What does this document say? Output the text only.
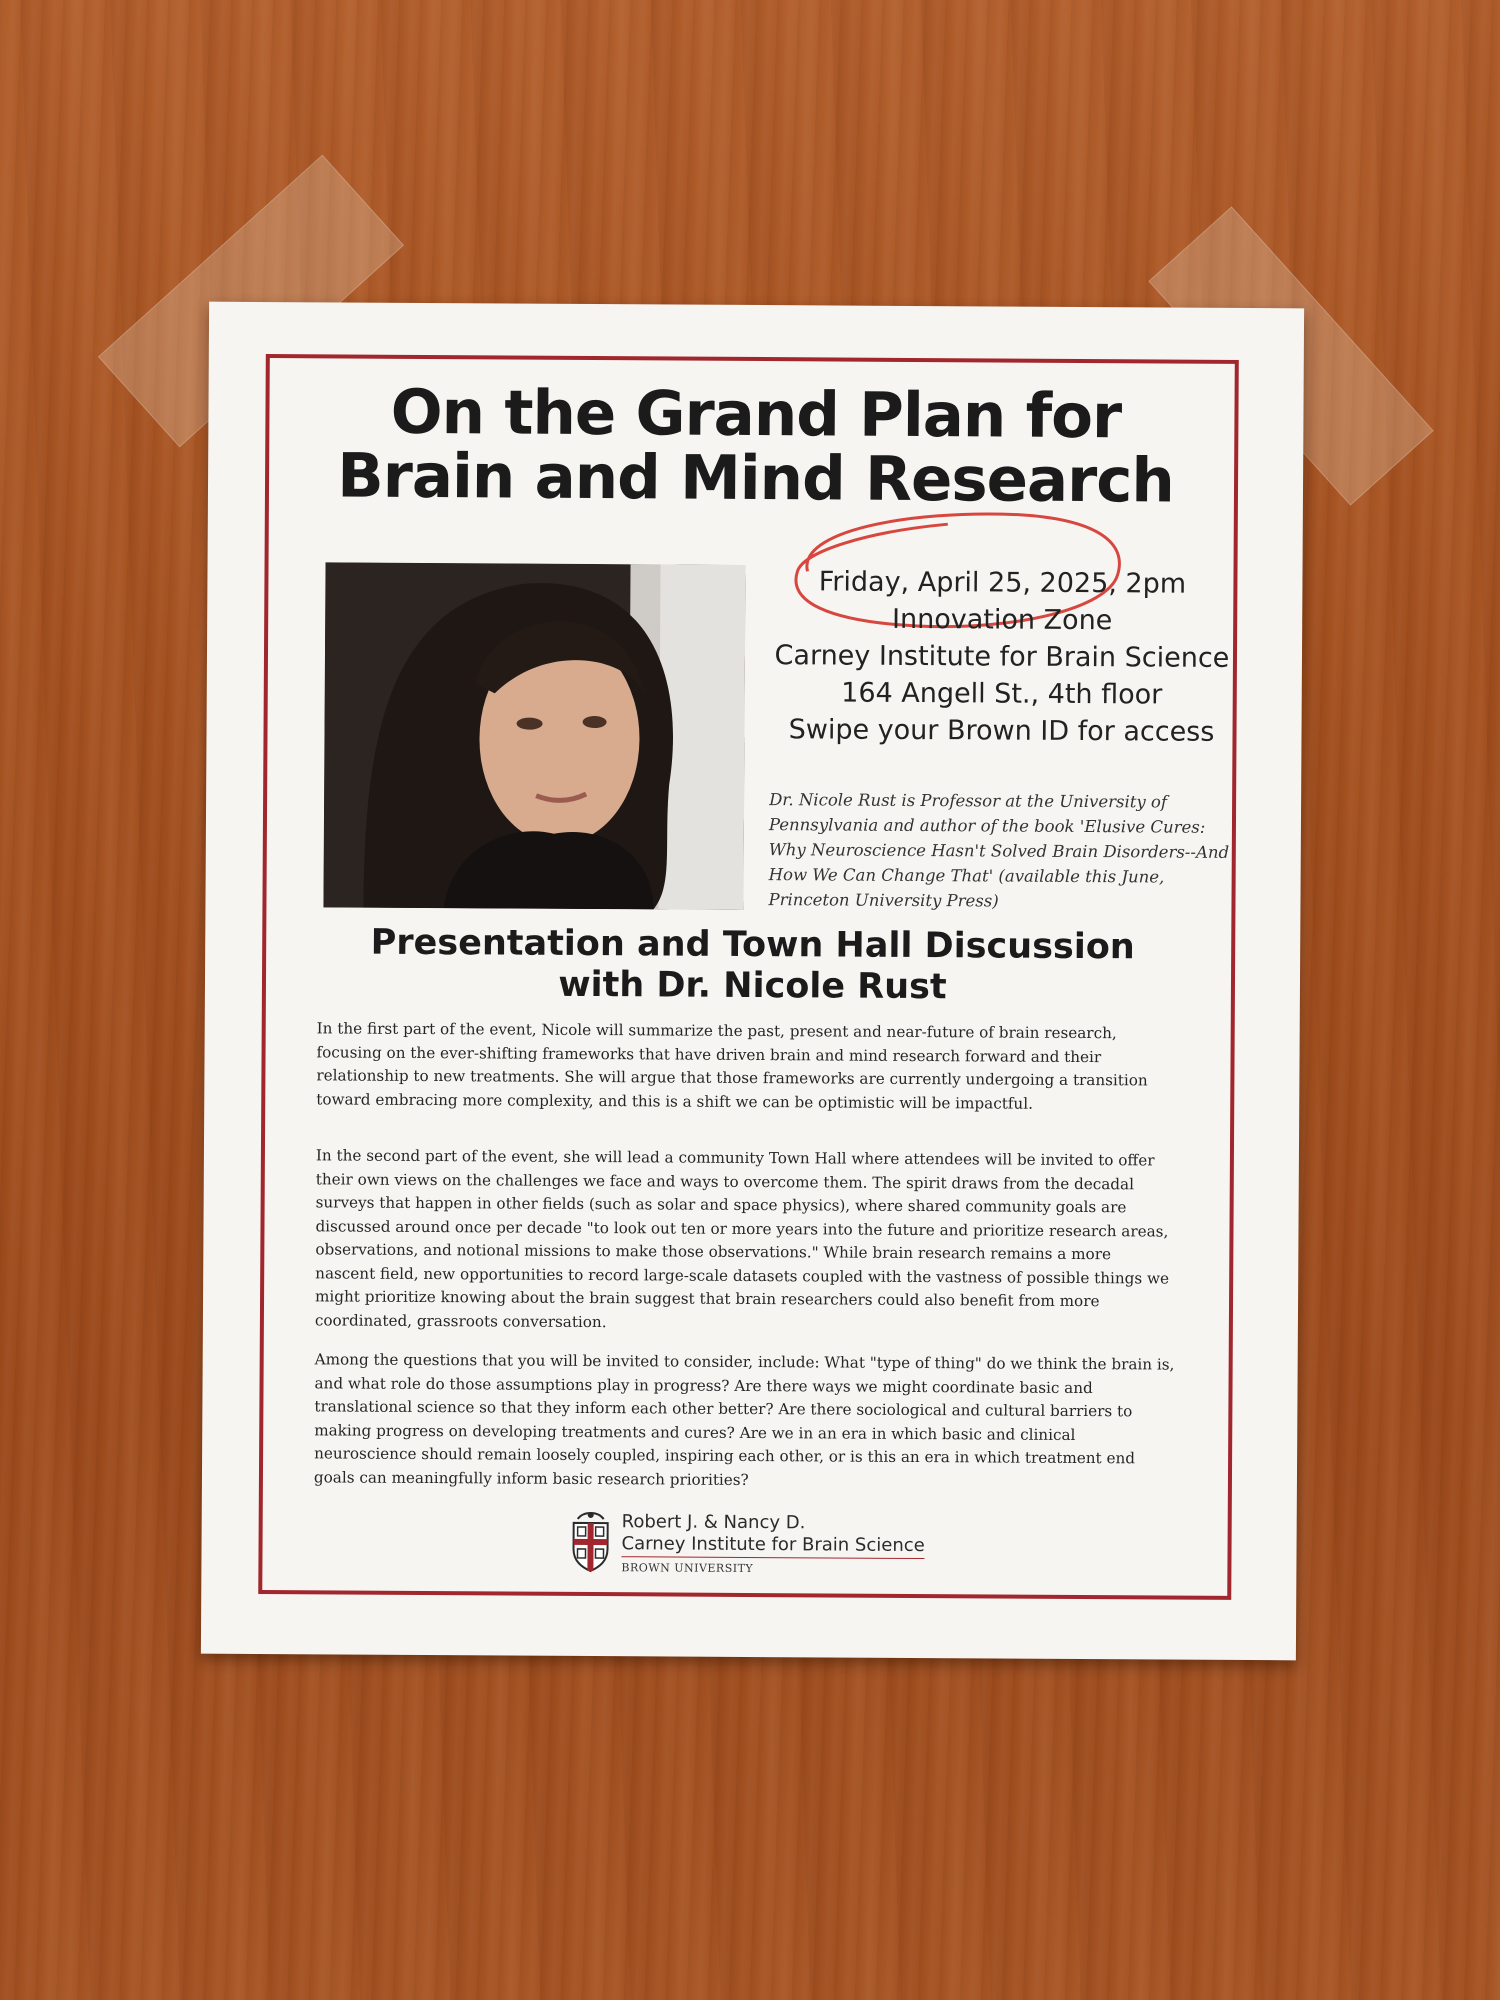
On the Grand Plan for
Brain and Mind Research
Friday, April 25, 2025, 2pm
Innovation Zone
Carney Institute for Brain Science
164 Angell St., 4th floor
Swipe your Brown ID for access
Dr. Nicole Rust is Professor at the University of Pennsylvania and author of the book 'Elusive Cures: Why Neuroscience Hasn't Solved Brain Disorders--And How We Can Change That' (available this June, Princeton University Press)
Presentation and Town Hall Discussion
with Dr. Nicole Rust

In the first part of the event, Nicole will summarize the past, present and near-future of brain research, focusing on the ever-shifting frameworks that have driven brain and mind research forward and their relationship to new treatments. She will argue that those frameworks are currently undergoing a transition toward embracing more complexity, and this is a shift we can be optimistic will be impactful.

In the second part of the event, she will lead a community Town Hall where attendees will be invited to offer their own views on the challenges we face and ways to overcome them. The spirit draws from the decadal surveys that happen in other fields (such as solar and space physics), where shared community goals are discussed around once per decade "to look out ten or more years into the future and prioritize research areas, observations, and notional missions to make those observations." While brain research remains a more nascent field, new opportunities to record large-scale datasets coupled with the vastness of possible things we might prioritize knowing about the brain suggest that brain researchers could also benefit from more coordinated, grassroots conversation.

Among the questions that you will be invited to consider, include: What "type of thing" do we think the brain is, and what role do those assumptions play in progress? Are there ways we might coordinate basic and translational science so that they inform each other better? Are there sociological and cultural barriers to making progress on developing treatments and cures? Are we in an era in which basic and clinical neuroscience should remain loosely coupled, inspiring each other, or is this an era in which treatment end goals can meaningfully inform basic research priorities?

Robert J. & Nancy D.
Carney Institute for Brain Science
BROWN UNIVERSITY
